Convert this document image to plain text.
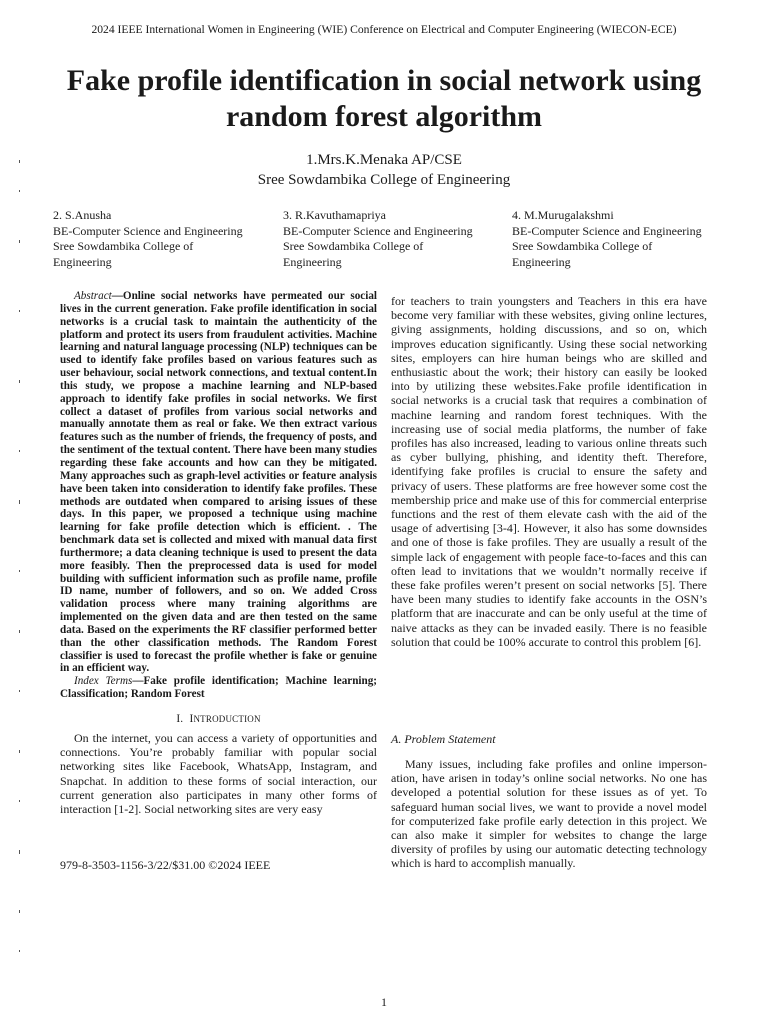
2024 IEEE International Women in Engineering (WIE) Conference on Electrical and Computer Engineering (WIECON-ECE)
Fake profile identification in social network using
random forest algorithm
1.Mrs.K.Menaka AP/CSE
Sree Sowdambika College of Engineering
2. S.Anusha
BE-Computer Science and Engineering
Sree Sowdambika College of
Engineering
3. R.Kavuthamapriya
BE-Computer Science and Engineering
Sree Sowdambika College of
Engineering
4. M.Murugalakshmi
BE-Computer Science and Engineering
Sree Sowdambika College of
Engineering
Abstract—Online social networks have permeated our social lives in the current generation. Fake profile identification in social networks is a crucial task to maintain the authenticity of the platform and protect its users from fraudulent activities. Machine learning and natural language processing (NLP) techniques can be used to identify fake profiles based on various features such as user behaviour, social network connections, and textual content.In this study, we propose a machine learning and NLP-based approach to identify fake profiles in social networks. We first collect a dataset of profiles from various social networks and manually annotate them as real or fake. We then extract various features such as the number of friends, the frequency of posts, and the sentiment of the textual content. There have been many studies regarding these fake accounts and how can they be mitigated. Many approaches such as graph-level activities or feature analysis have been taken into consideration to identify fake profiles. These methods are outdated when compared to arising issues of these days. In this paper, we proposed a technique using machine learning for fake profile detection which is efficient. . The benchmark data set is collected and mixed with manual data first furthermore; a data cleaning technique is used to present the data more feasibly. Then the preprocessed data is used for model building with sufficient information such as profile name, profile ID name, number of followers, and so on. We added Cross validation process where many training algorithms are implemented on the given data and are then tested on the same data. Based on the experiments the RF classifier performed better than the other classification methods. The Random Forest classifier is used to forecast the profile whether is fake or genuine in an efficient way.
Index Terms—Fake profile identification; Machine learning; Classification; Random Forest
I. INTRODUCTION
On the internet, you can access a variety of opportunities and connections. You’re probably familiar with popular social networking sites like Facebook, WhatsApp, Instagram, and Snapchat. In addition to these forms of social interaction, our current generation also participates in many other forms of interaction [1-2]. Social networking sites are very easy
979-8-3503-1156-3/22/$31.00 ©2024 IEEE
for teachers to train youngsters and Teachers in this era have become very familiar with these websites, giving online lectures, giving assignments, holding discussions, and so on, which improves education significantly. Using these social networking sites, employers can hire human beings who are skilled and enthusiastic about the work; their history can easily be looked into by utilizing these websites.Fake profile identification in social networks is a crucial task that requires a combination of machine learning and random forest techniques. With the increasing use of social media platforms, the number of fake profiles has also increased, leading to various online threats such as cyber bullying, phishing, and identity theft. Therefore, identifying fake profiles is crucial to ensure the safety and privacy of users. These platforms are free however some cost the membership price and make use of this for commercial enterprise functions and the rest of them elevate cash with the aid of the usage of advertising [3-4]. However, it also has some downsides and one of those is fake profiles. They are usually a result of the simple lack of engagement with people face-to-faces and this can often lead to invitations that we wouldn’t normally receive if these fake profiles weren’t present on social networks [5]. There have been many studies to identify fake accounts in the OSN’s platform that are inaccurate and can be only useful at the time of naive attacks as they can be invaded easily. There is no feasible solution that could be 100% accurate to control this problem [6].
A. Problem Statement
Many issues, including fake profiles and online imperson-ation, have arisen in today’s online social networks. No one has developed a potential solution for these issues as of yet. To safeguard human social lives, we want to provide a novel model for computerized fake profile early detection in this project. We can also make it simpler for websites to change the large diversity of profiles by using our automatic detecting technology which is hard to accomplish manually.
1
